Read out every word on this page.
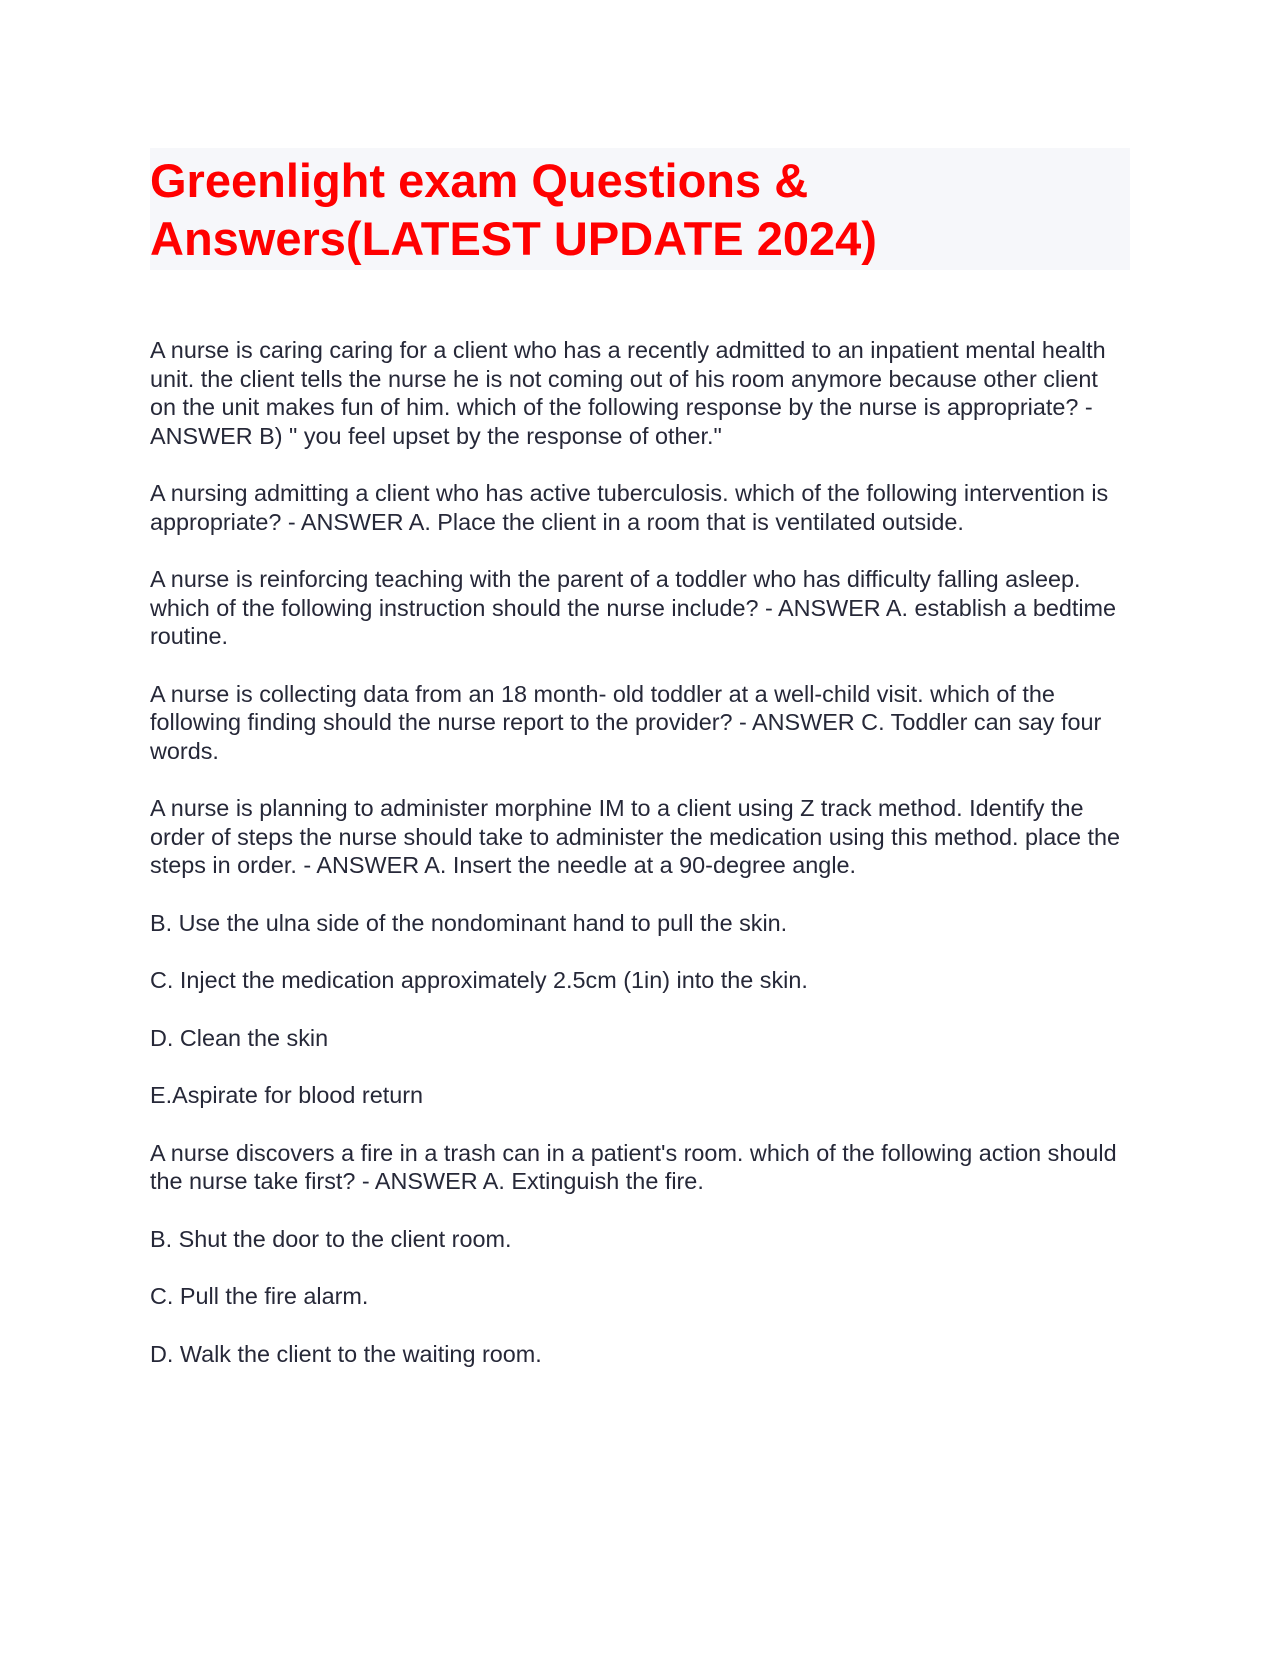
Greenlight exam Questions & Answers(LATEST UPDATE 2024)

A nurse is caring caring for a client who has a recently admitted to an inpatient mental health unit. the client tells the nurse he is not coming out of his room anymore because other client on the unit makes fun of him. which of the following response by the nurse is appropriate? - ANSWER B) " you feel upset by the response of other."

A nursing admitting a client who has active tuberculosis. which of the following intervention is appropriate? - ANSWER A. Place the client in a room that is ventilated outside.

A nurse is reinforcing teaching with the parent of a toddler who has difficulty falling asleep. which of the following instruction should the nurse include? - ANSWER A. establish a bedtime routine.

A nurse is collecting data from an 18 month- old toddler at a well-child visit. which of the following finding should the nurse report to the provider? - ANSWER C. Toddler can say four words.

A nurse is planning to administer morphine IM to a client using Z track method. Identify the order of steps the nurse should take to administer the medication using this method. place the steps in order. - ANSWER A. Insert the needle at a 90-degree angle.

B. Use the ulna side of the nondominant hand to pull the skin.

C. Inject the medication approximately 2.5cm (1in) into the skin.

D. Clean the skin

E.Aspirate for blood return

A nurse discovers a fire in a trash can in a patient's room. which of the following action should the nurse take first? - ANSWER A. Extinguish the fire.

B. Shut the door to the client room.

C. Pull the fire alarm.

D. Walk the client to the waiting room.
